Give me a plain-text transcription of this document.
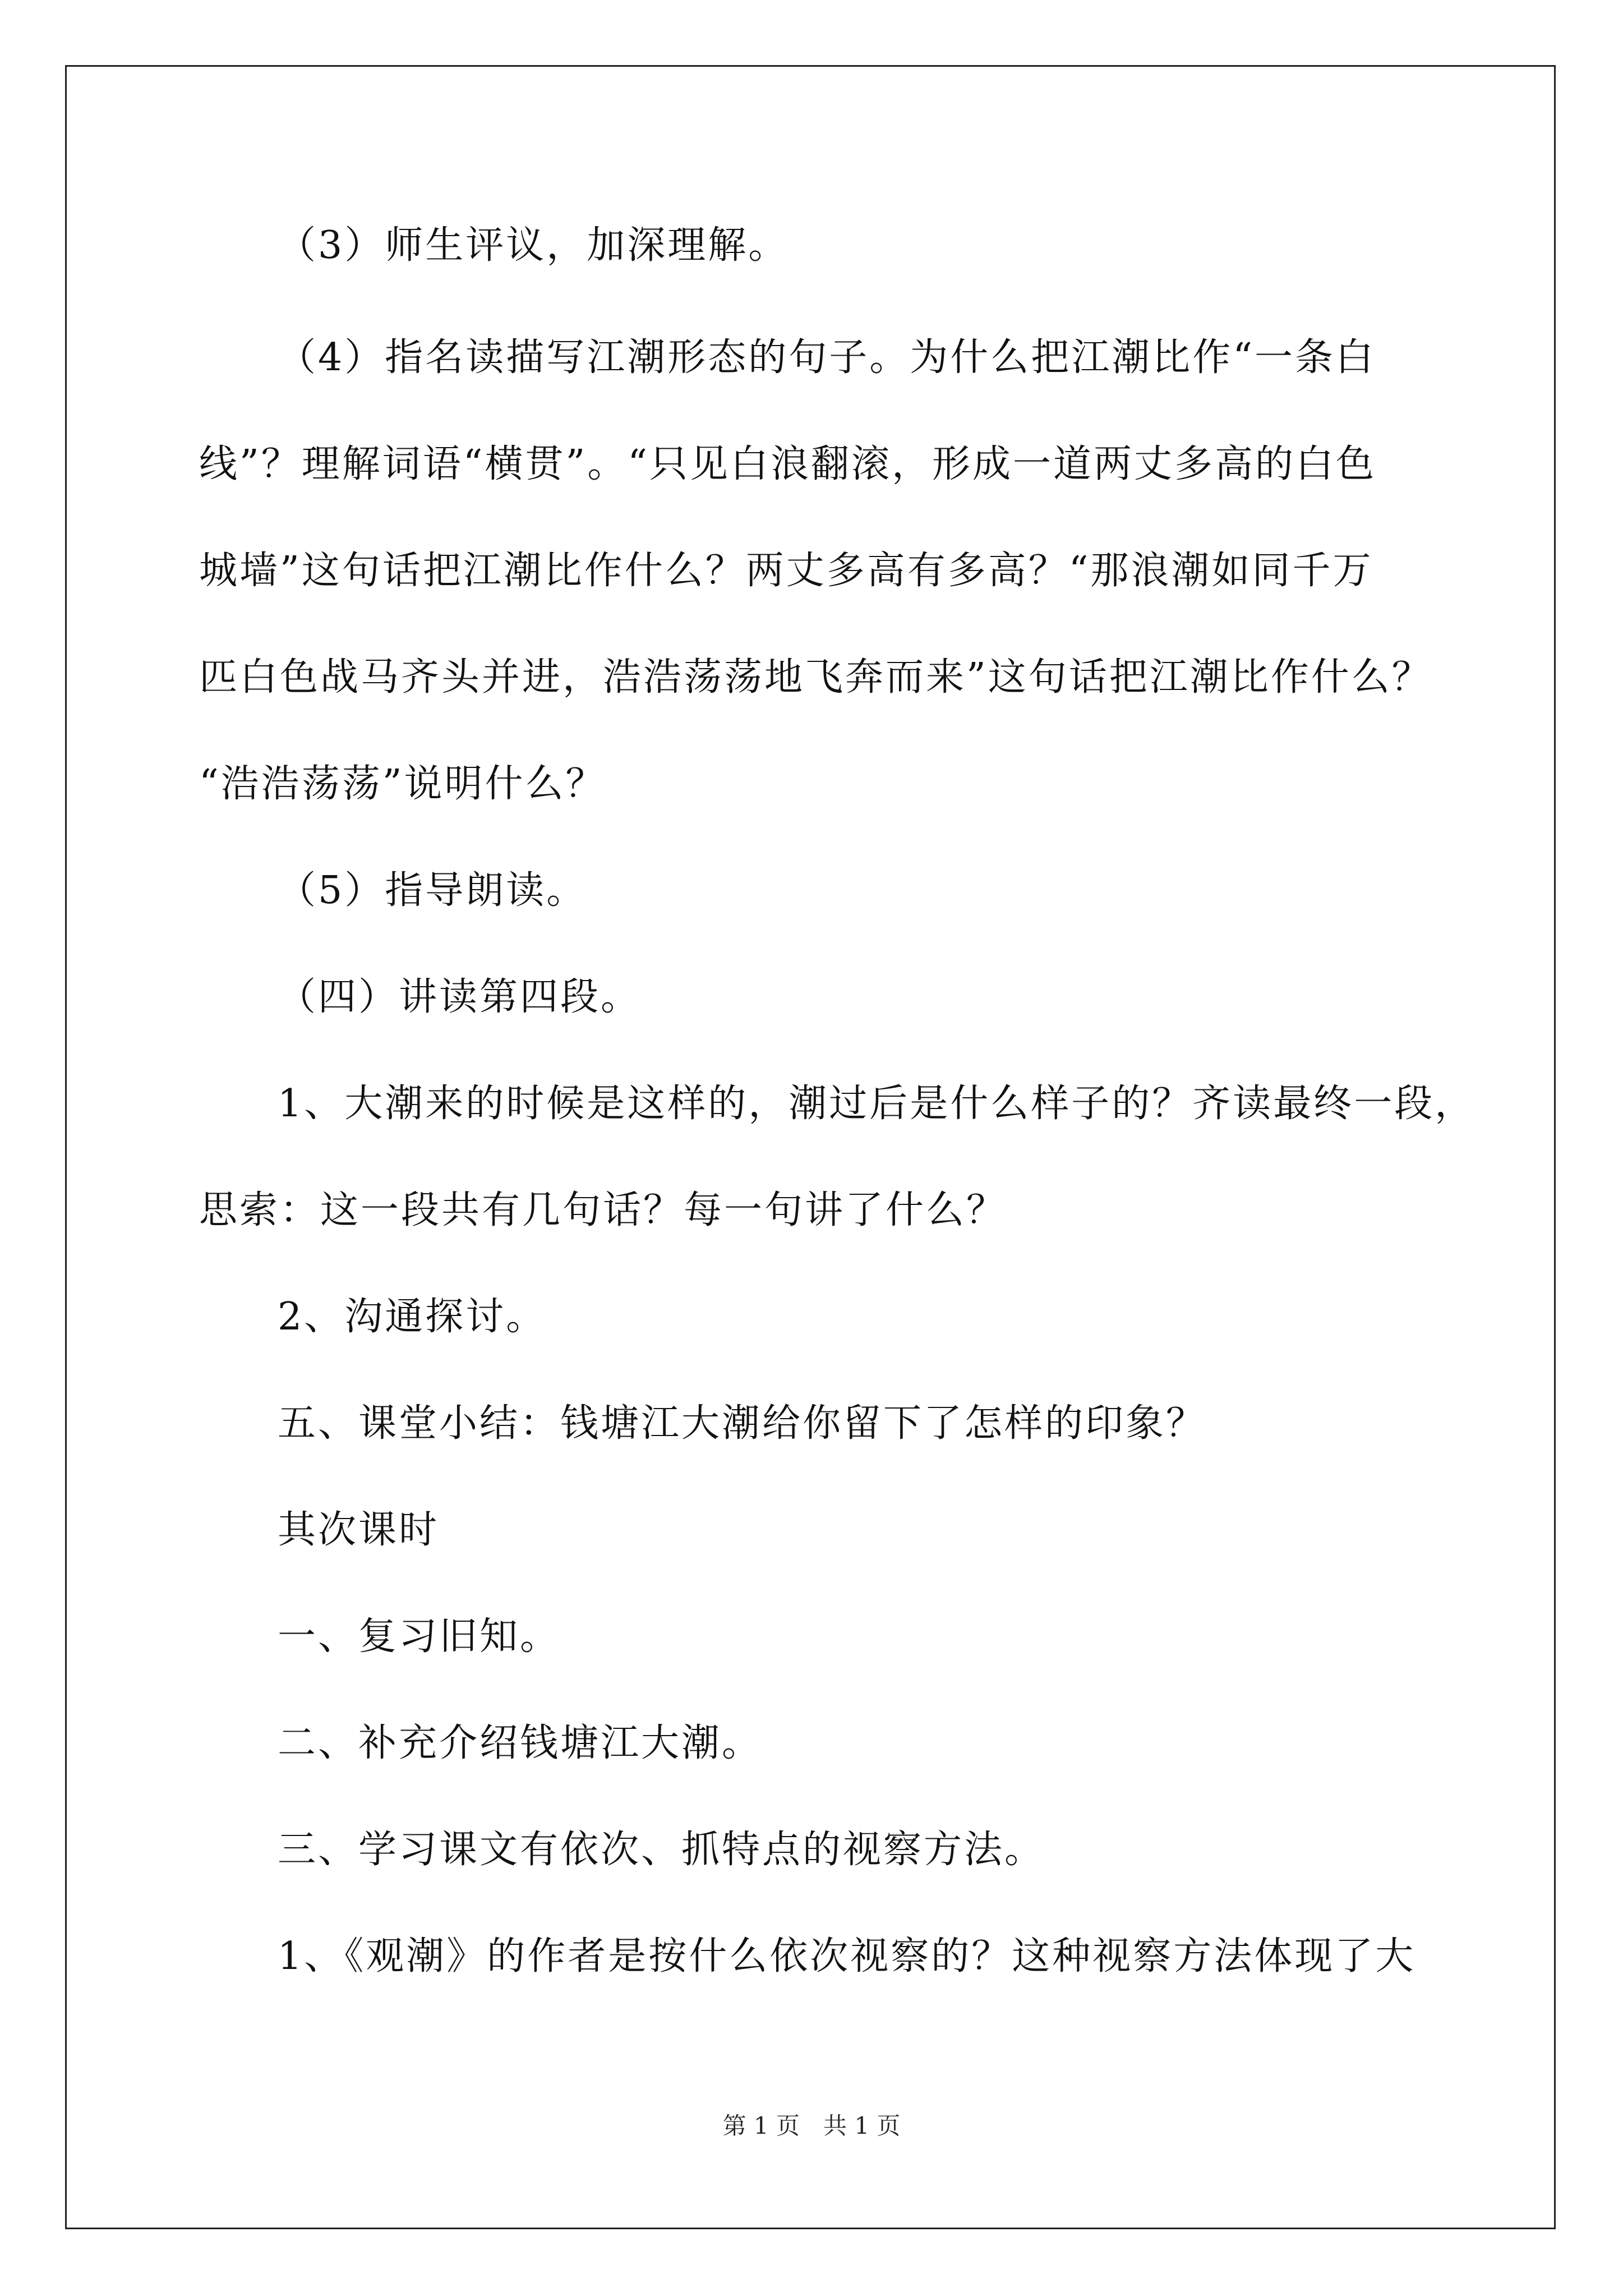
（3）师生评议，加深理解。
（4）指名读描写江潮形态的句子。为什么把江潮比作“一条白
线”？理解词语“横贯”。“只见白浪翻滚，形成一道两丈多高的白色
城墙”这句话把江潮比作什么？两丈多高有多高？“那浪潮如同千万
匹白色战马齐头并进，浩浩荡荡地飞奔而来”这句话把江潮比作什么？
“浩浩荡荡”说明什么？
（5）指导朗读。
（四）讲读第四段。
1、大潮来的时候是这样的，潮过后是什么样子的？齐读最终一段，
思索：这一段共有几句话？每一句讲了什么？
2、沟通探讨。
五、课堂小结：钱塘江大潮给你留下了怎样的印象？
其次课时
一、复习旧知。
二、补充介绍钱塘江大潮。
三、学习课文有依次、抓特点的视察方法。
1、《观潮》的作者是按什么依次视察的？这种视察方法体现了大
第 1 页　共 1 页
